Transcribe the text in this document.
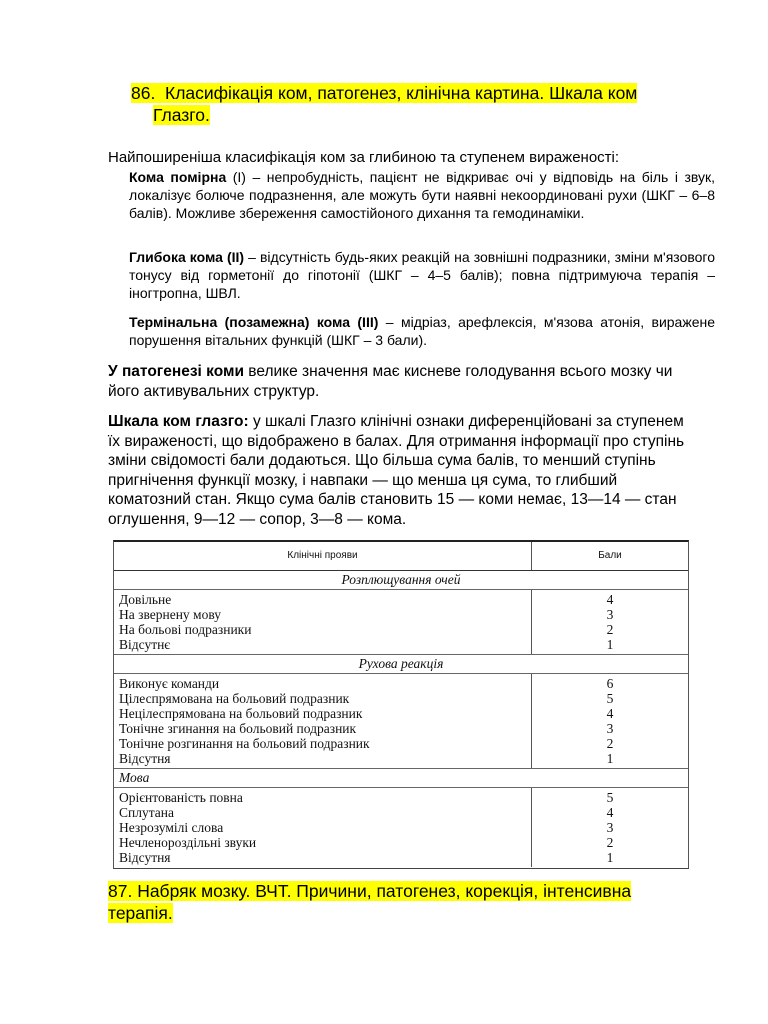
86. Класифікація ком, патогенез, клінічна картина. Шкала ком
Глазго.
Найпоширеніша класифікація ком за глибиною та ступенем вираженості:
Кома помірна (I) – непробудність, пацієнт не відкриває очі у відповідь на біль і звук, локалізує болюче подразнення, але можуть бути наявні некоординовані рухи (ШКГ – 6–8 балів). Можливе збереження самостійоного дихання та гемодинаміки.
Глибока кома (II) – відсутність будь-яких реакцій на зовнішні подразники, зміни м'язового тонусу від горметонії до гіпотонії (ШКГ – 4–5 балів); повна підтримуюча терапія – іногтропна, ШВЛ.
Термінальна (позамежна) кома (III) – мідріаз, арефлексія, м'язова атонія, виражене порушення вітальних функцій (ШКГ – 3 бали).
У патогенезі коми велике значення має кисневе голодування всього мозку чи його активувальних структур.
Шкала ком глазго: у шкалі Глазго клінічні ознаки диференційовані за ступенем їх вираженості, що відображено в балах. Для отримання інформації про ступінь зміни свідомості бали додаються. Що більша сума балів, то менший ступінь пригнічення функції мозку, і навпаки — що менша ця сума, то глибший коматозний стан. Якщо сума балів становить 15 — коми немає, 13—14 — стан оглушення, 9—12 — сопор, 3—8 — кома.
Клінічні прояви	Бали
Розплющування очей
Довільне
На звернену мову
На больові подразники
Відсутнє
4
3
2
1
Рухова реакція
Виконує команди
Цілеспрямована на больовий подразник
Нецілеспрямована на больовий подразник
Тонічне згинання на больовий подразник
Тонічне розгинання на больовий подразник
Відсутня
6
5
4
3
2
1
Мова
Орієнтованість повна
Сплутана
Незрозумілі слова
Нечленороздільні звуки
Відсутня
5
4
3
2
1
87. Набряк мозку. ВЧТ. Причини, патогенез, корекція, інтенсивна
терапія.
